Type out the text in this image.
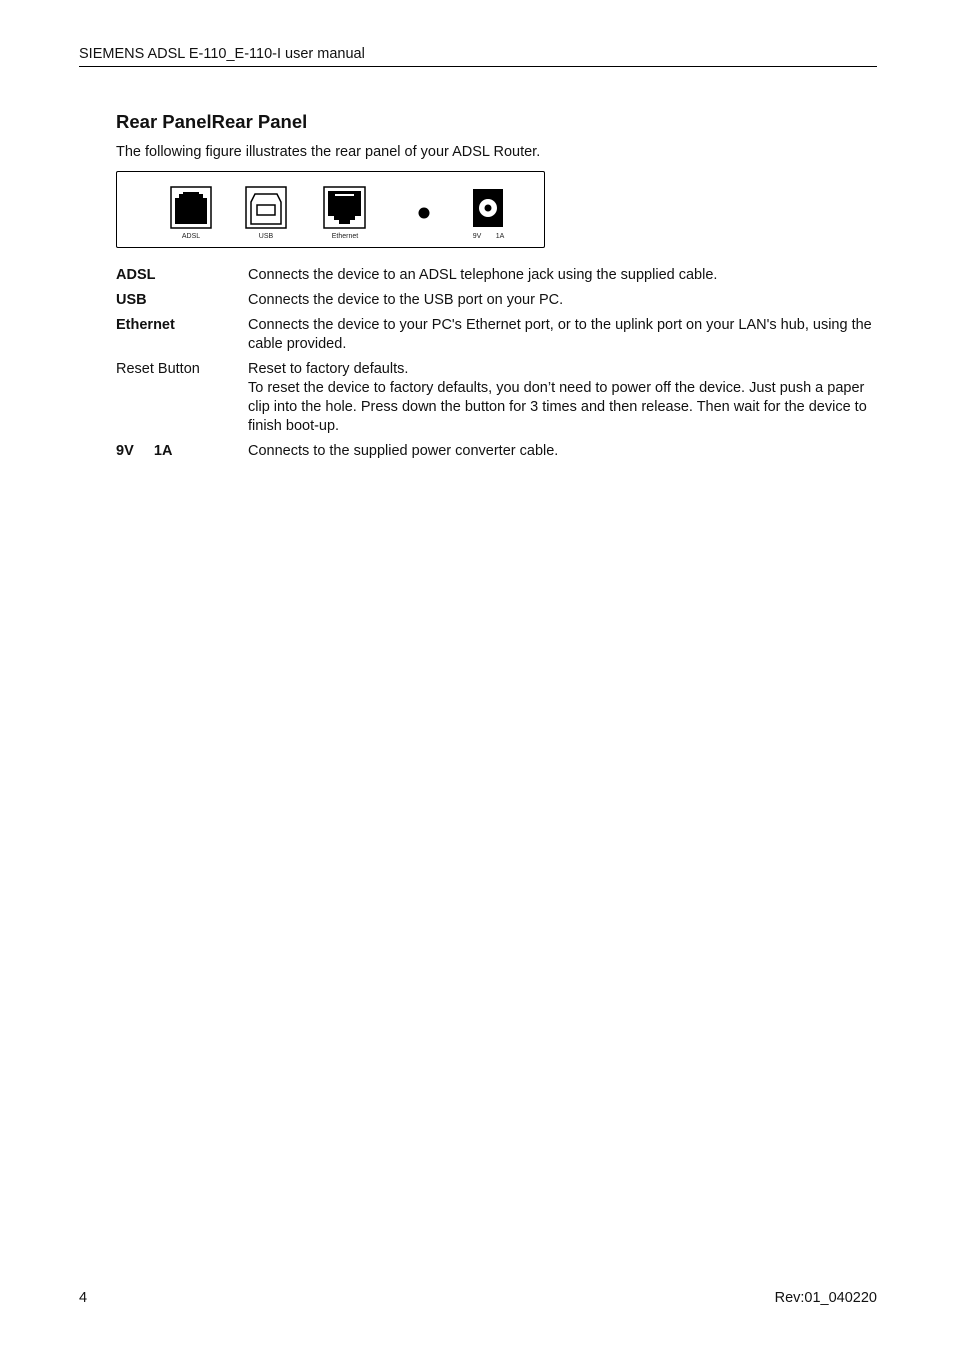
SIEMENS ADSL E-110_E-110-I user manual
Rear PanelRear Panel

The following figure illustrates the rear panel of your ADSL Router.

ADSL	USB	Ethernet	9V 1A
ADSL	Connects the device to an ADSL telephone jack using the supplied cable.
USB	Connects the device to the USB port on your PC.
Ethernet	Connects the device to your PC's Ethernet port, or to the uplink port on your LAN's hub, using the cable provided.
Reset Button	Reset to factory defaults.
To reset the device to factory defaults, you don’t need to power off the device. Just push a paper clip into the hole. Press down the button for 3 times and then release. Then wait for the device to finish boot-up.
9V     1A	Connects to the supplied power converter cable.
4	Rev:01_040220
